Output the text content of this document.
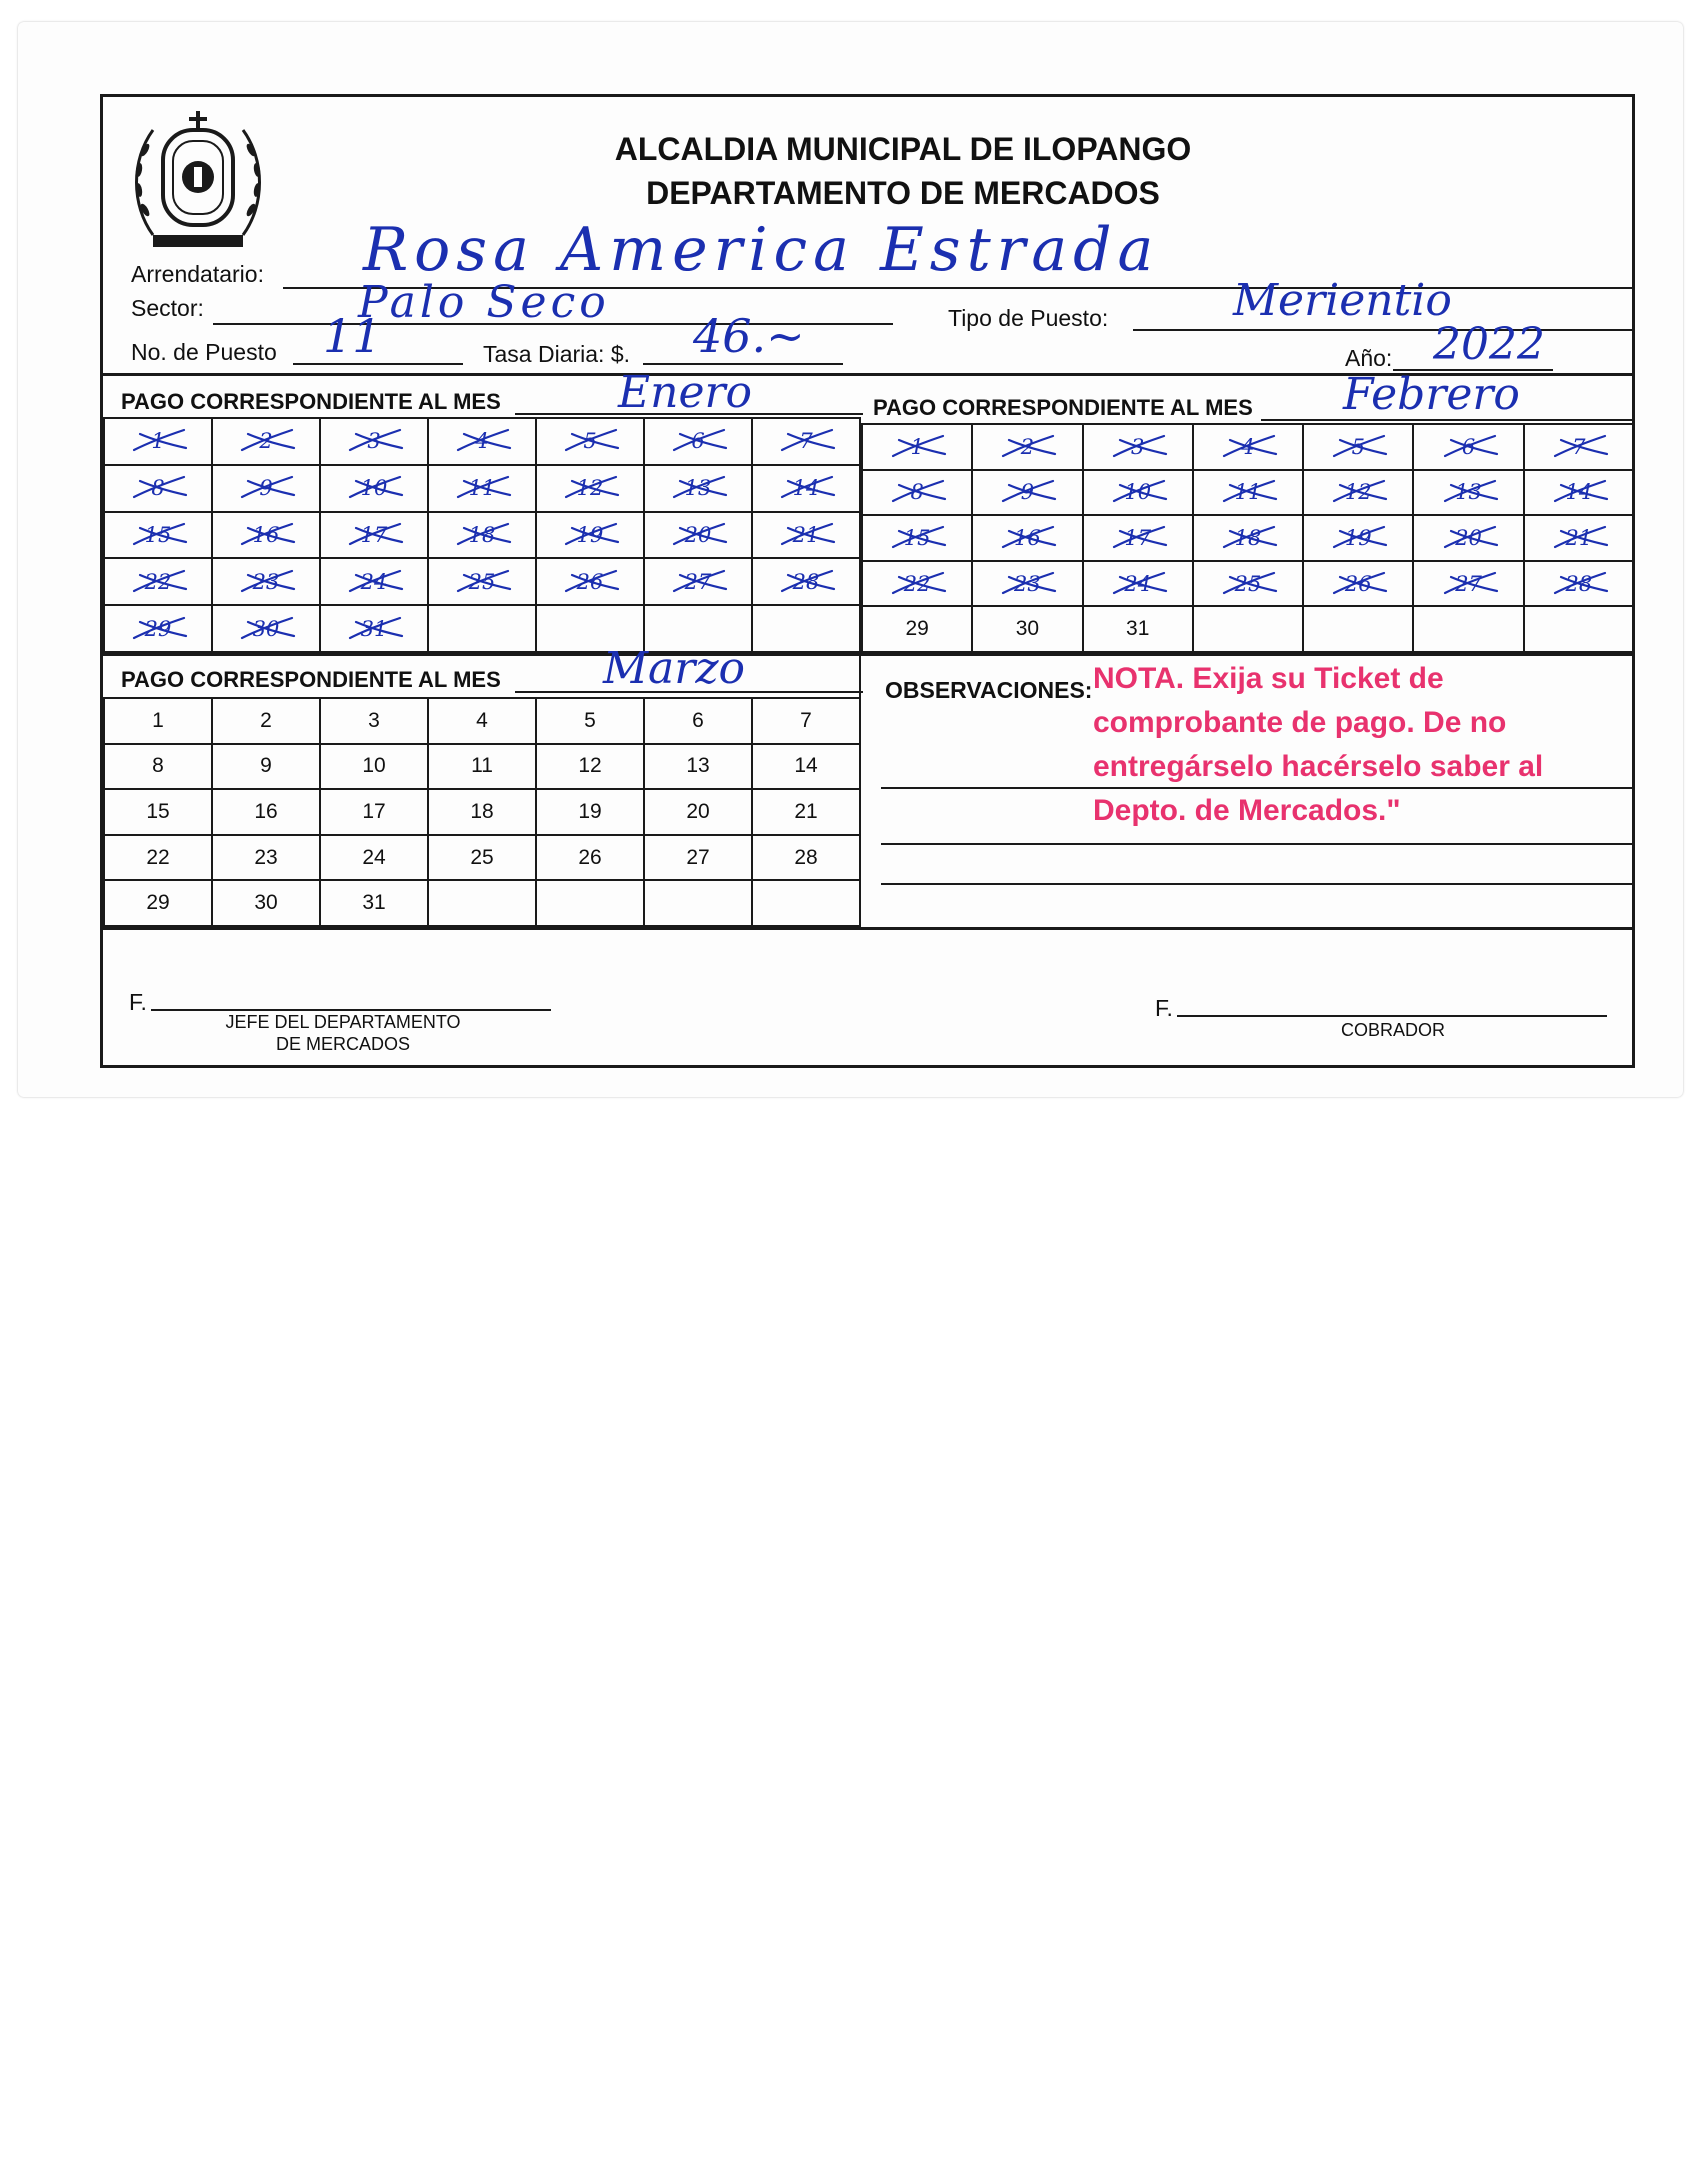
ALCALDIA MUNICIPAL DE ILOPANGO
DEPARTAMENTO DE MERCADOS
Arrendatario: Rosa America Estrada
Sector:	Palo Seco	Tipo de Puesto:	Merientio
No. de Puesto 11	Tasa Diaria: $. 46.~	Año: 2022
PAGO CORRESPONDIENTE AL MES	Enero
1	2	3	4	5	6	7
8	9	10	11	12	13	14
15	16	17	18	19	20	21
22	23	24	25	26	27	28
29	30	31
PAGO CORRESPONDIENTE AL MES Febrero
1	2	3	4	5	6	7
8	9	10	11	12	13	14
15	16	17	18	19	20	21
22	23	24	25	26	27	28
29	30	31
PAGO CORRESPONDIENTE AL MES Marzo
1	2	3	4	5	6	7
8	9	10	11	12	13	14
15	16	17	18	19	20	21
22	23	24	25	26	27	28
29	30	31
OBSERVACIONES: NOTA. Exija su Ticket de comprobante de pago. De no entregárselo hacérselo saber al Depto. de Mercados."
F.
JEFE DEL DEPARTAMENTO
DE MERCADOS
F.
COBRADOR
